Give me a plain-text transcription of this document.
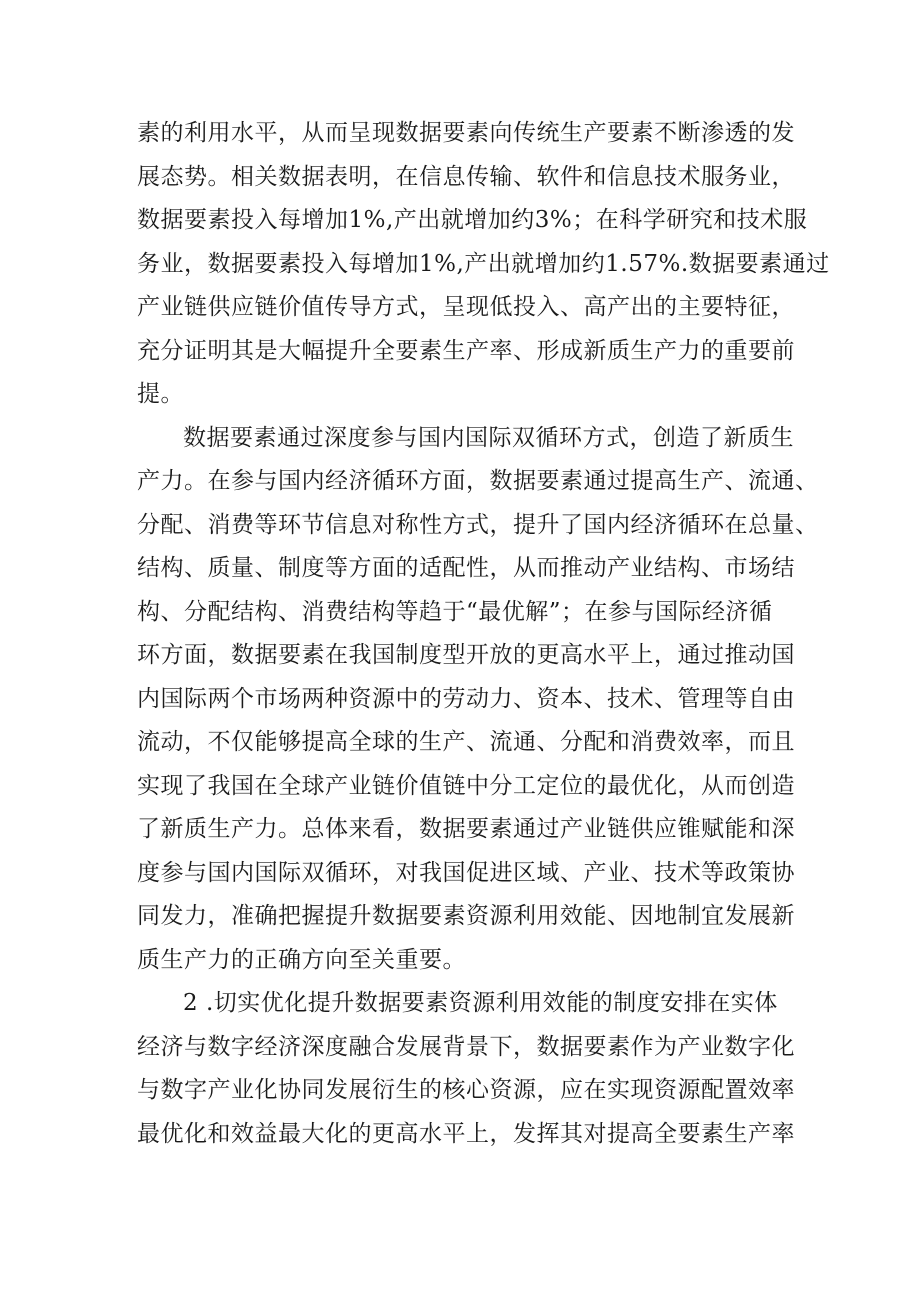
素的利用水平，从而呈现数据要素向传统生产要素不断渗透的发
展态势。相关数据表明，在信息传输、软件和信息技术服务业，
数据要素投入每增加1%,产出就增加约3%；在科学研究和技术服
务业，数据要素投入每增加1%,产出就增加约1.57%.数据要素通过
产业链供应链价值传导方式，呈现低投入、高产出的主要特征，
充分证明其是大幅提升全要素生产率、形成新质生产力的重要前
提。
数据要素通过深度参与国内国际双循环方式，创造了新质生
产力。在参与国内经济循环方面，数据要素通过提高生产、流通、
分配、消费等环节信息对称性方式，提升了国内经济循环在总量、
结构、质量、制度等方面的适配性，从而推动产业结构、市场结
构、分配结构、消费结构等趋于“最优解”；在参与国际经济循
环方面，数据要素在我国制度型开放的更高水平上，通过推动国
内国际两个市场两种资源中的劳动力、资本、技术、管理等自由
流动，不仅能够提高全球的生产、流通、分配和消费效率，而且
实现了我国在全球产业链价值链中分工定位的最优化，从而创造
了新质生产力。总体来看，数据要素通过产业链供应锥赋能和深
度参与国内国际双循环，对我国促进区域、产业、技术等政策协
同发力，准确把握提升数据要素资源利用效能、因地制宜发展新
质生产力的正确方向至关重要。
2 .切实优化提升数据要素资源利用效能的制度安排在实体
经济与数字经济深度融合发展背景下，数据要素作为产业数字化
与数字产业化协同发展衍生的核心资源，应在实现资源配置效率
最优化和效益最大化的更高水平上，发挥其对提高全要素生产率
